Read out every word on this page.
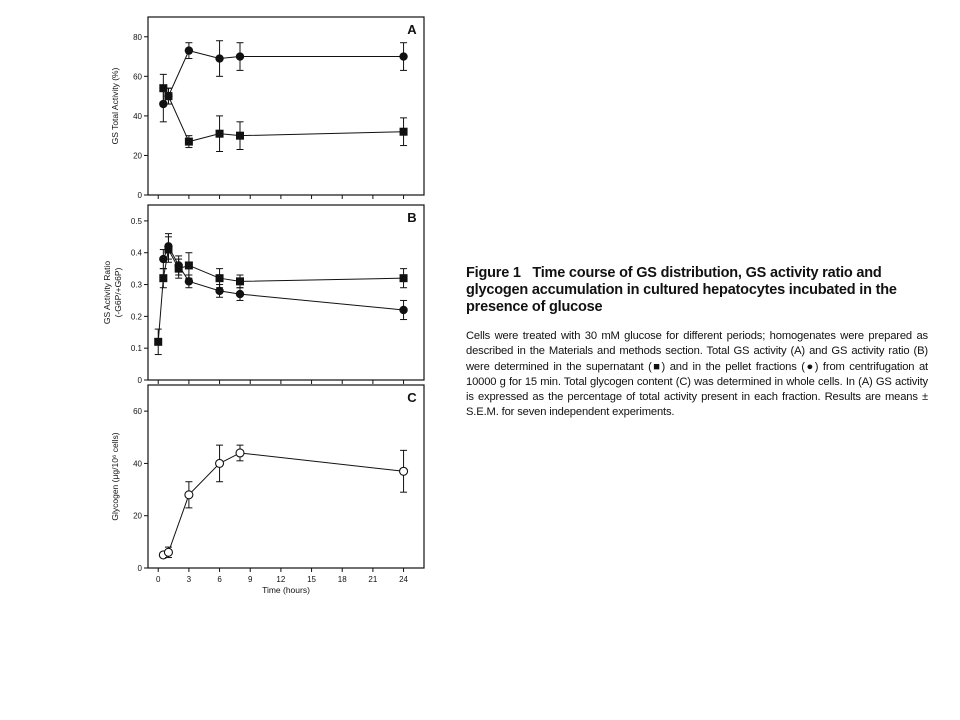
A
0
20
40
60
80
GS Total Activity (%)
B
0
0.1
0.2
0.3
0.4
0.5
GS Activity Ratio (-G6P/+G6P)
C
0
20
40
60
Glycogen (μg/10⁶ cells)
0	3	6	9	12	15	18	21	24
Time (hours)

Figure 1 Time course of GS distribution, GS activity ratio and glycogen accumulation in cultured hepatocytes incubated in the presence of glucose

Cells were treated with 30 mM glucose for different periods; homogenates were prepared as described in the Materials and methods section. Total GS activity (A) and GS activity ratio (B) were determined in the supernatant (■) and in the pellet fractions (●) from centrifugation at 10000 g for 15 min. Total glycogen content (C) was determined in whole cells. In (A) GS activity is expressed as the percentage of total activity present in each fraction. Results are means ± S.E.M. for seven independent experiments.
